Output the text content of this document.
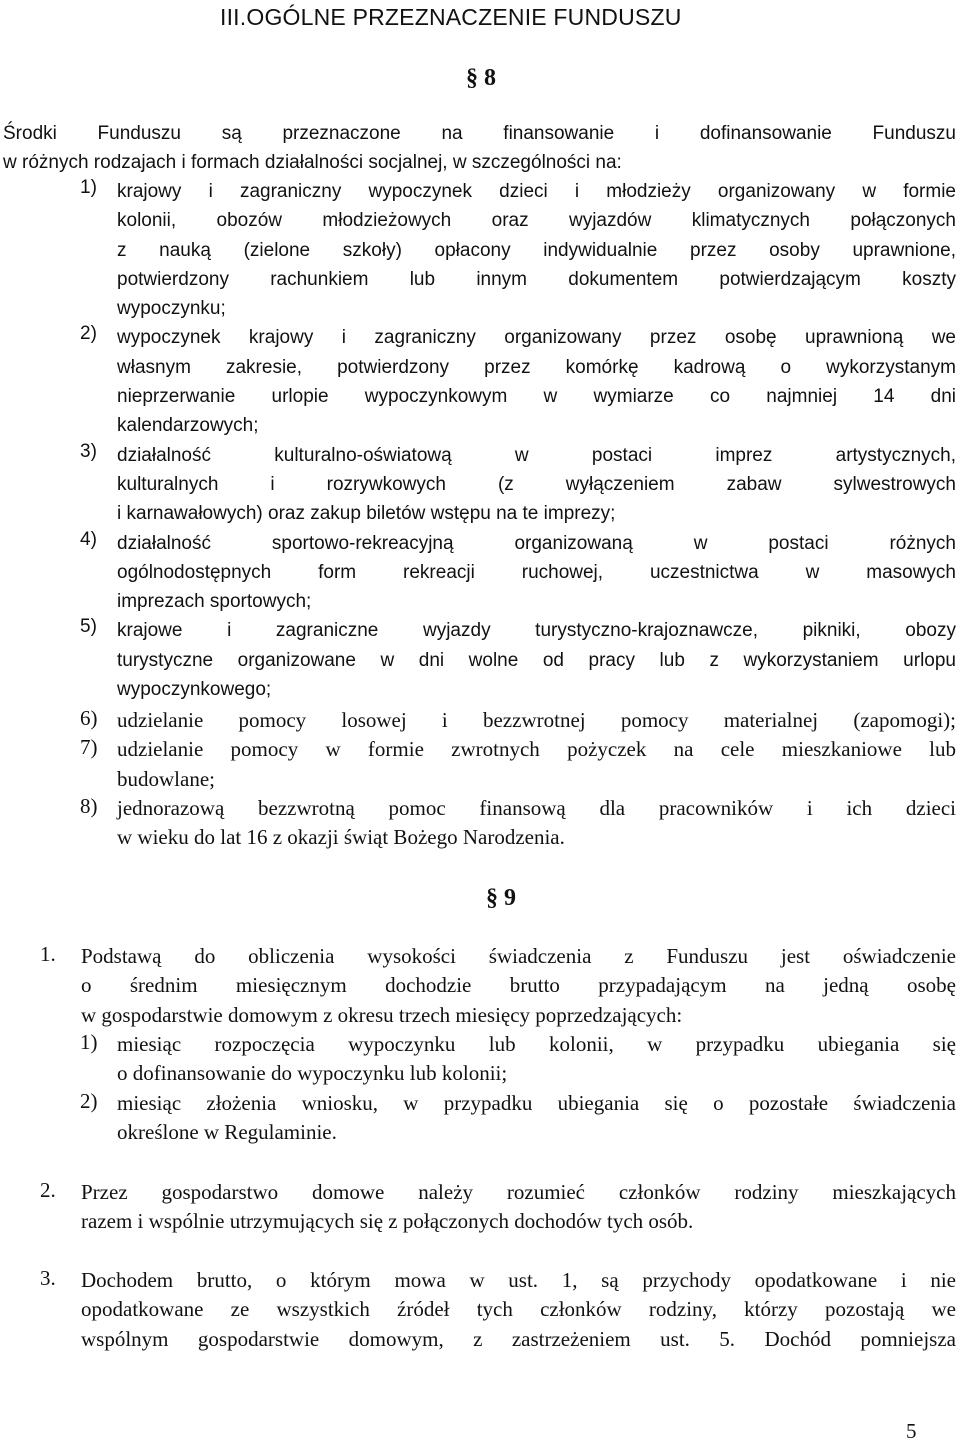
III.OGÓLNE PRZEZNACZENIE FUNDUSZU
§ 8
Środki Funduszu są przeznaczone na finansowanie i dofinansowanie Funduszu
w różnych rodzajach i formach działalności socjalnej, w szczególności na:
1)	krajowy i zagraniczny wypoczynek dzieci i młodzieży organizowany w formie
kolonii, obozów młodzieżowych oraz wyjazdów klimatycznych połączonych
z nauką (zielone szkoły) opłacony indywidualnie przez osoby uprawnione,
potwierdzony rachunkiem lub innym dokumentem potwierdzającym koszty
wypoczynku;
2)	wypoczynek krajowy i zagraniczny organizowany przez osobę uprawnioną we
własnym zakresie, potwierdzony przez komórkę kadrową o wykorzystanym
nieprzerwanie urlopie wypoczynkowym w wymiarze co najmniej 14 dni
kalendarzowych;
3)	działalność kulturalno-oświatową w postaci imprez artystycznych,
kulturalnych i rozrywkowych (z wyłączeniem zabaw sylwestrowych
i karnawałowych) oraz zakup biletów wstępu na te imprezy;
4)	działalność sportowo-rekreacyjną organizowaną w postaci różnych
ogólnodostępnych form rekreacji ruchowej, uczestnictwa w masowych
imprezach sportowych;
5)	krajowe i zagraniczne wyjazdy turystyczno-krajoznawcze, pikniki, obozy
turystyczne organizowane w dni wolne od pracy lub z wykorzystaniem urlopu
wypoczynkowego;
6) udzielanie pomocy losowej i bezzwrotnej pomocy materialnej (zapomogi);
7) udzielanie pomocy w formie zwrotnych pożyczek na cele mieszkaniowe lub
budowlane;
8) jednorazową bezzwrotną pomoc finansową dla pracowników i ich dzieci
w wieku do lat 16 z okazji świąt Bożego Narodzenia.
§ 9
1.	Podstawą do obliczenia wysokości świadczenia z Funduszu jest oświadczenie
o średnim miesięcznym dochodzie brutto przypadającym na jedną osobę
w gospodarstwie domowym z okresu trzech miesięcy poprzedzających:
1) miesiąc rozpoczęcia wypoczynku lub kolonii, w przypadku ubiegania się
o dofinansowanie do wypoczynku lub kolonii;
2) miesiąc złożenia wniosku, w przypadku ubiegania się o pozostałe świadczenia
określone w Regulaminie.
2.	Przez gospodarstwo domowe należy rozumieć członków rodziny mieszkających
razem i wspólnie utrzymujących się z połączonych dochodów tych osób.
3.	Dochodem brutto, o którym mowa w ust. 1, są przychody opodatkowane i nie
opodatkowane ze wszystkich źródeł tych członków rodziny, którzy pozostają we
wspólnym gospodarstwie domowym, z zastrzeżeniem ust. 5. Dochód pomniejsza
5
